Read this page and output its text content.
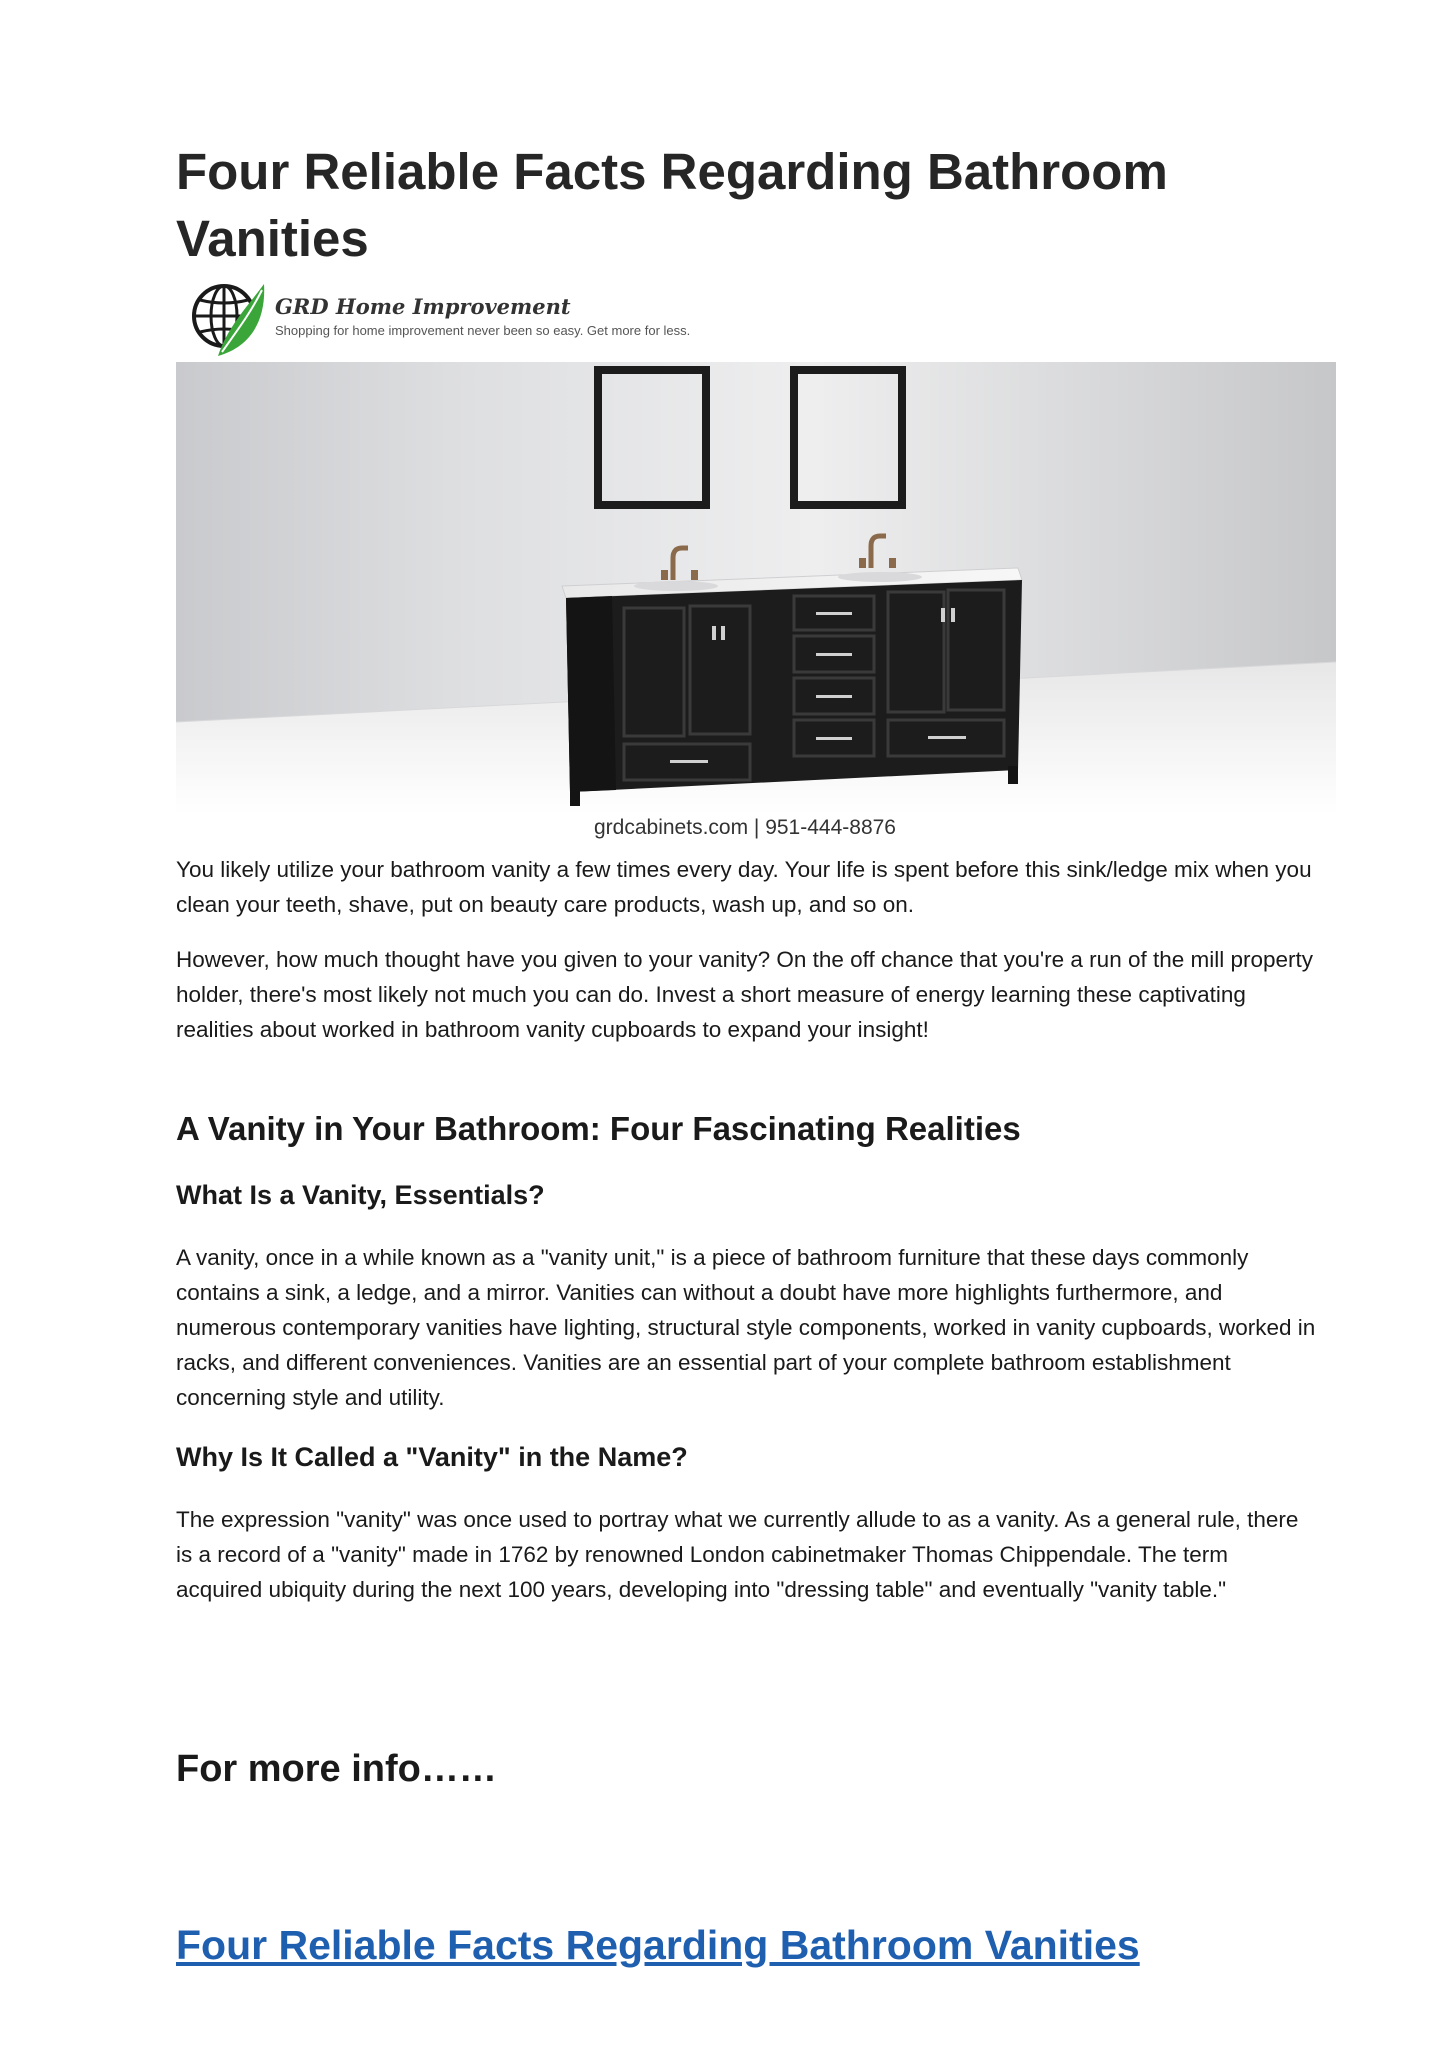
Four Reliable Facts Regarding Bathroom Vanities
GRD Home Improvement
Shopping for home improvement never been so easy. Get more for less.
grdcabinets.com | 951-444-8876

You likely utilize your bathroom vanity a few times every day. Your life is spent before this sink/ledge mix when you clean your teeth, shave, put on beauty care products, wash up, and so on.

However, how much thought have you given to your vanity? On the off chance that you're a run of the mill property holder, there's most likely not much you can do. Invest a short measure of energy learning these captivating realities about worked in bathroom vanity cupboards to expand your insight!

A Vanity in Your Bathroom: Four Fascinating Realities
What Is a Vanity, Essentials?

A vanity, once in a while known as a "vanity unit," is a piece of bathroom furniture that these days commonly contains a sink, a ledge, and a mirror. Vanities can without a doubt have more highlights furthermore, and numerous contemporary vanities have lighting, structural style components, worked in vanity cupboards, worked in racks, and different conveniences. Vanities are an essential part of your complete bathroom establishment concerning style and utility.

Why Is It Called a "Vanity" in the Name?

The expression "vanity" was once used to portray what we currently allude to as a vanity. As a general rule, there is a record of a "vanity" made in 1762 by renowned London cabinetmaker Thomas Chippendale. The term acquired ubiquity during the next 100 years, developing into "dressing table" and eventually "vanity table."

For more info……
Four Reliable Facts Regarding Bathroom Vanities
